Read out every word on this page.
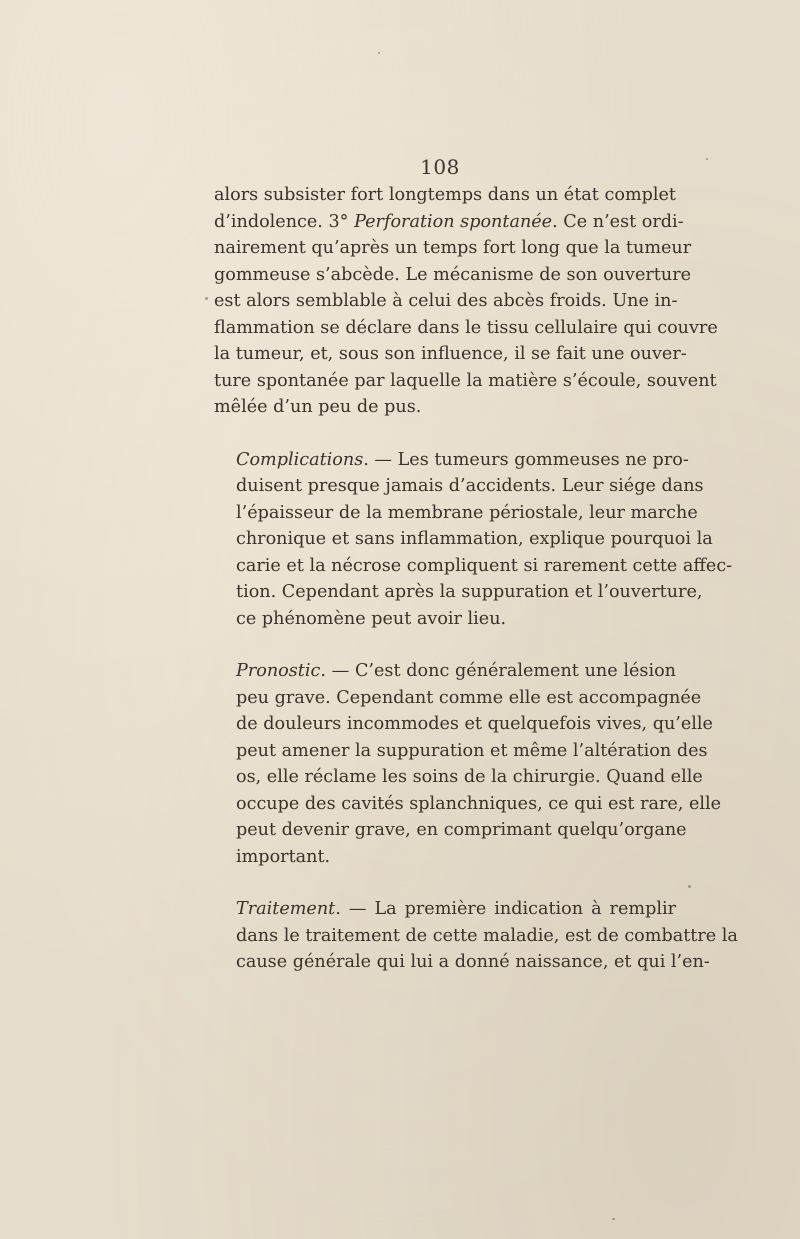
108

alors subsister fort longtemps dans un état complet
d’indolence. 3° Perforation spontanée. Ce n’est ordi-
nairement qu’après un temps fort long que la tumeur
gommeuse s’abcède. Le mécanisme de son ouverture
est alors semblable à celui des abcès froids. Une in-
flammation se déclare dans le tissu cellulaire qui couvre
la tumeur, et, sous son influence, il se fait une ouver-
ture spontanée par laquelle la matière s’écoule, souvent
mêlée d’un peu de pus.

Complications. — Les tumeurs gommeuses ne pro-
duisent presque jamais d’accidents. Leur siége dans
l’épaisseur de la membrane périostale, leur marche
chronique et sans inflammation, explique pourquoi la
carie et la nécrose compliquent si rarement cette affec-
tion. Cependant après la suppuration et l’ouverture,
ce phénomène peut avoir lieu.

Pronostic. — C’est donc généralement une lésion
peu grave. Cependant comme elle est accompagnée
de douleurs incommodes et quelquefois vives, qu’elle
peut amener la suppuration et même l’altération des
os, elle réclame les soins de la chirurgie. Quand elle
occupe des cavités splanchniques, ce qui est rare, elle
peut devenir grave, en comprimant quelqu’organe
important.

Traitement. — La première indication à remplir
dans le traitement de cette maladie, est de combattre la
cause générale qui lui a donné naissance, et qui l’en-
